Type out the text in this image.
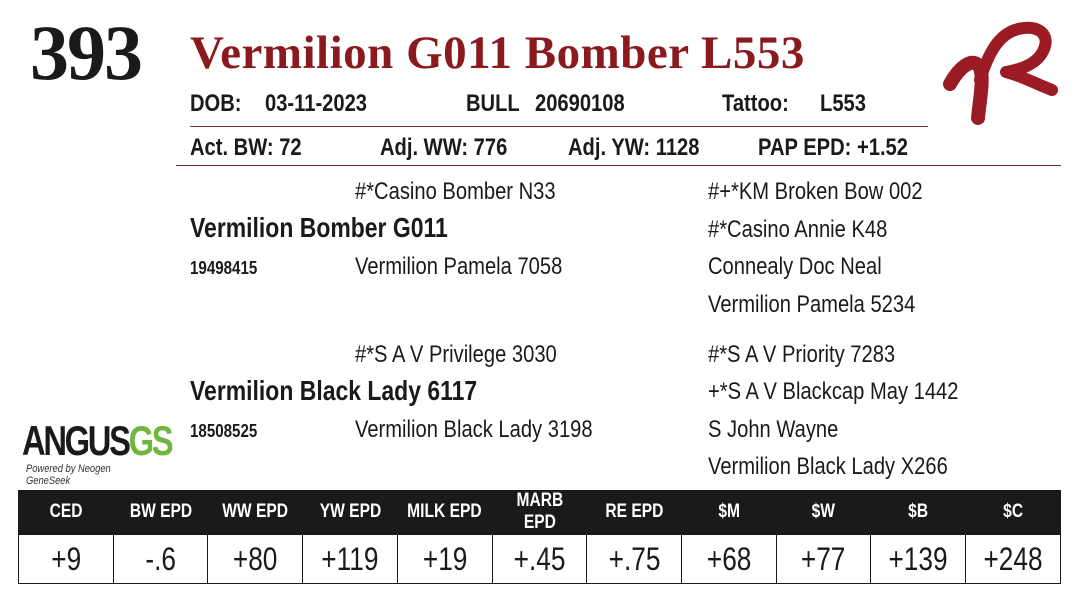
393 Vermilion G011 Bomber L553
DOB: 03-11-2023	BULL 20690108	Tattoo: L553
Act. BW: 72	Adj. WW: 776	Adj. YW: 1128 PAP EPD: +1.52
#*Casino Bomber N33	#+*KM Broken Bow 002
Vermilion Bomber G011	#*Casino Annie K48
19498415	Vermilion Pamela 7058	Connealy Doc Neal
Vermilion Pamela 5234
#*S A V Privilege 3030	#*S A V Priority 7283
Vermilion Black Lady 6117	+*S A V Blackcap May 1442
18508525	Vermilion Black Lady 3198	S John Wayne
Vermilion Black Lady X266
ANGUSGS
Powered by Neogen GeneSeek
CED	BW EPD	WW EPD	YW EPD	MILK EPD	MARB EPD	RE EPD	$M	$W	$B	$C
+9	-.6	+80	+119	+19	+.45	+.75	+68	+77	+139	+248
